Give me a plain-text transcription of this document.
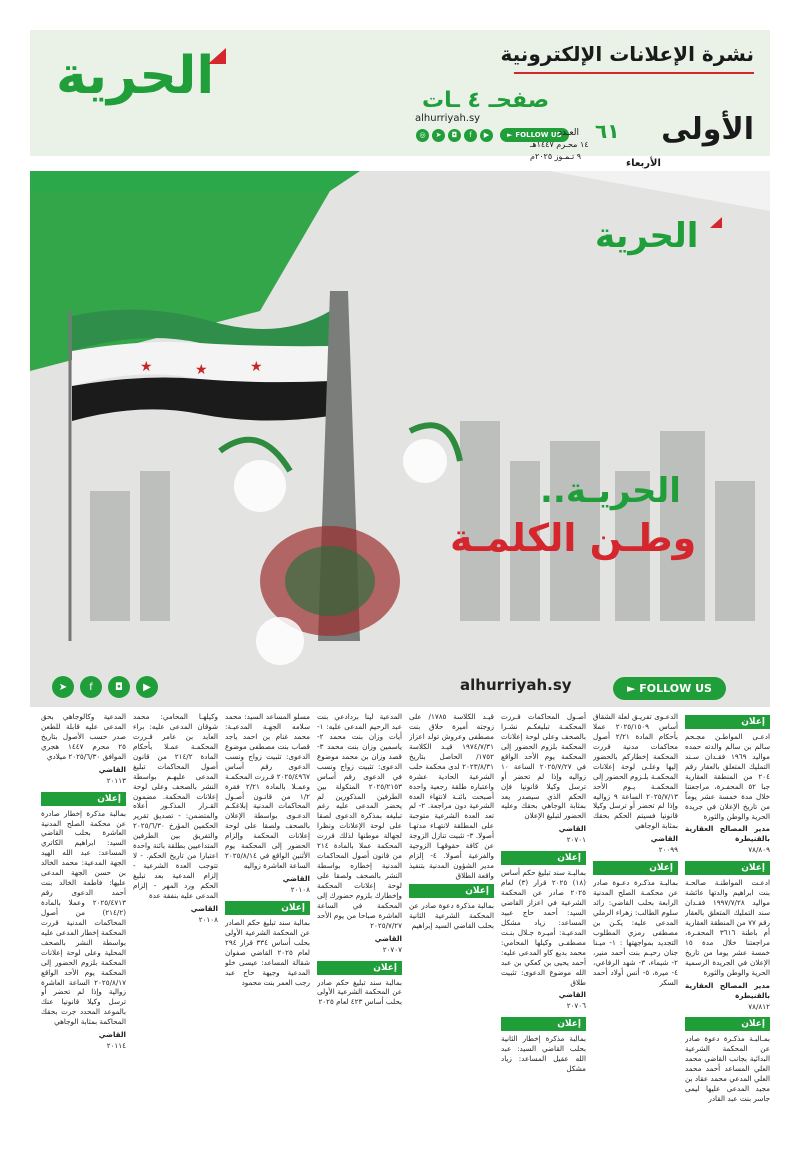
الحرية	صفحـ ٤ ـات
alhurriyah.sy
◎	➤	◘	f	▶	► FOLLOW US
نشرة الإعلانات الإلكترونية
العـدد ٦١
١٤ محـرم ١٤٤٧هـ
٩ تـمـوز ٢٠٢٥م
الأربعاء
الأولى
★	★	★
الحرية
الحريـة..
وطـن الكلمـة
➤	f	◘	▶	alhurriyah.sy	► FOLLOW US
إعلان
ادعـى المواطـن مجـحم سالم بن سالم والدته حمده مواليد ١٩٦٩ فقـدان سـند التمليك المتعلق بالعقار رقم ٢٠٤ من المنطقة العقارية جبا ٥٢ المحفـرة، مراجعتنا خلال مدة خمسة عشر يوماً من تاريخ الإعلان في جريدة الحرية والوطن والثورة
مدير المصالح العقارية بالقنيطرة
٧٨/٨٠٩
إعلان
ادعـت المواطنـة صالحـة بنت ابراهيم والدتها عائشة مواليد ١٩٩٧/٧/٢٨ فقـدان سند التمليك المتعلق بالعقار رقم ٧٧ من المنطقة العقارية أم باطنة ٣٦١٦ المحفـرة، مراجعتنا خلال مدة ١٥ خمسة عشر يوما من تاريخ الإعلان في الجريدة الرسمية الحرية والوطن والثورة
مدير المصالح العقارية بالقنيطرة
٧٨/٨١٢
إعلان
بمـالبـة مذكـرة دعوة صادر عن المحكمة الشرعية البدائية بجانب القاضي محمد العلي المساعد أحمد محمد العلي المدعي محمد عقاد بن مجيد المدعى عليها ليمى جاسر بنت عبد القادر
الدعـوى تفريـق لعلة الشقاق أساس ٢٠٢٥/١٥٠٩ عملا بأحكام المادة ٢/٢١ أصول محاكمات مدنية قررت المحكمة إخطاركم بالحضور إليها وعلـى لوحة إعلانات المحكمـة بلـزوم الحضور إلى المحكمـة يـوم الأحد ٢٠٢٥/٧/١٣ الساعة ٩ زواليه وإذا لم تحضر أو ترسل وكيلا قانونيا فسيتم الحكم بحقك بمثابة الوجاهي
القاضي
٢٠٠٩٩
إعلان
بمالبـة مذكـرة دعـوة صادر عن محكمـة الصلح المدنية الرابعة بحلب القاضي: رائد سلوم الطالب: زهراء الرملي المدعى عليه: يكـن بن مصطفى رمزي المطلوب التجديد بمواجهتها : ١- ميـنا جنان رحيـم بنت أحمد منير، ٢- شيماء، ٣- شهد الرفاعي، ٤- ميرة، ٥- أنس أولاد أحمد السكر
أصـول المحاكمات قـررت المحكمـة تبليغكـم نشـرا بالصحف وعلى لوحة إعلانات المحكمة بلزوم الحضور إلى المحكمة يوم الأحد الواقع في ٢٠٢٥/٧/٢٧ الساعة ١٠ زواليه وإذا لم تحضر أو ترسل وكيلا قانونيا فإن الحكم الذي سيصدر يعد بمثابة الوجاهي بحقك وعليه الحضور لتبليغ الإعلان
القاضي
٢٠٧٠١
إعلان
بمالبـة سند تبليغ حكم أساس (١٨) ٢٠٢٥ قرار (٣) لعام ٢٠٢٥ صادر عن المحكمة الشرعية في اعزاز القاضي السيد: أحمد حاج عبيد المساعد: زياد مشكل المدعيـة: أميـرة جـلال بنـت مصطفـى وكيلها المحامي: محمد بديع كاو المدعى عليه: أحمد يحيى بن كعكي بن عبد الله موضوع الدعوى: تثبيت طلاق
القاضي
٢٠٧٠٦
إعلان
بمالبة مذكرة إخطار الثانية بحلب القاضي السيد: عبد الله عقيل المساعد: زياد مشكل
قيـد الكلاسة ١٧٨٥/ على زوجته أميرة حلاق بنت مصطفى وعروش تولد اعزاز ١٩٧٤/٧/٣١ قيـد الكلاسة ١٧٥٢/ الحاصل بتاريخ ٢٠٢٣/٨/٣١ لدى محكمة حلب الشرعية الحادية عشرة واعتباره طلقة رجعية واحدة أصبحت بائنـة لانتهاء العدة الشرعية دون مراجعة. ٢- لم تعد العدة الشرعية متوجبة على المطلقة لانتهـاء مدتهـا أصولا. ٣- تثبيت تنازل الزوجة عن كافة حقوقهـا الزوجية والفرعية أصولا. ٤- إلزام مدير الشؤون المدنية بتنفيذ واقعة الطلاق
إعلان
بمالبة مذكرة دعوة صادر عن المحكمة الشرعية الثانية بحلب القاضي السيد إبراهيم
المدعية لينا بردادعي بنت عبد الرحيم المدعى عليه: ١- أيات وزان بنت محمد ٢- ياسمين وزان بنت محمد ٣- قصد وزان بن محمد موضوع الدعوى: تثبيت زواج ونسب في الدعوى رقم أساس ٢٠٢٥/٢١٥٣ المتكولة بين الطرفين المذكورين لم يحضر المدعى عليه رغم تبليغه بمذكرة الدعوى لصقا على لوحة الإعلانات ونظرا لجهالة موطنها لذلك قررت المحكمة عملا بالمادة ٢١٤ من قانون أصول المحاكمات المدنية إخطاره بواسطة النشر بالصحف ولصقا على لوحة إعلانات المحكمة وإخطارك بلزوم حضورك إلى المحكمة في الساعة العاشرة صباحا من يوم الأحد ٢٠٢٥/٧/٢٧
القاضي
٢٠٧٠٧
إعلان
بمالبة سند تبليغ حكم صادر عن المحكمة الشرعية الأولى بحلب أساس ٤٢٣ لعام ٢٠٢٥
مسلو المساعد السيد: محمد سلامه الجهـة المدعيـة: محمد غنام بن احمد ياجد قصاب بنت مصطفى موضوع الدعوى: تثبيت زواج ونسب الدعوى رقم أساس ٢٠٢٥/٤٩٦٧ قـررت المحكمـة وعمـلا بالمادة ٢/٢١ فقرة ١/٢ من قانـون أصـول المحاكمات المدنية إبلاغكـم الدعـوى بواسطة الإعلان بالصحف ولصقا على لوحة إعلانات المحكمة وإلزام الحضور إلى المحكمة يوم الأثنين الواقع في ٢٠٢٥/٨/١٤ الساعة العاشرة زواليه
القاضي
٢٠١٠٨
إعلان
بمالبة سند تبليغ حكم الصادر عن المحكمة الشرعية الأولى بحلب أساس ٣٣٤ قرار ٢٩٤ لعام ٢٠٢٥ القاضي صفوان شقالة المساعد: عيسى خلو المدعية وجيهة حاج عبد رجب العمر بنت محمود
وكيلهـا المحامي: محمد شوقان المدعى عليه: براء العابد بن عامر قـررت المحكمـة عمـلا بأحكام المادة ٢١٤/٢ من قانون أصول المحاكمات تبليغ المدعى عليهـم بواسطة النشر بالصحف وعلى لوحة إعلانات المحكمة. مضمون القـرار المذكـور أعلاه والمتضمن: - تصديق تقرير الحكمين المؤرخ ٢٠٢٥/٦/٣٠ والتفريق بين الطرفين المتداعيين بطلقة بائنة واحدة اعتبارا من تاريخ الحكم. - لا تتوجب العدة الشرعية - إلزام المدعية بعد تبليغ الحكم ورد المهر - إلزام المدعى عليه بنفقة عدة
القاضي
٢٠١٠٨
المدعية وكالوجاهي بحق المدعى عليه قابلة للطعن صدر حسب الأصول بتاريخ ٢٥ محرم ١٤٤٧ هجري الموافق ٢٠٢٥/٦/٣٠ ميلادي
القاضي
٢٠١١٣
إعلان
بمالبة مذكرة إخطار صادرة عن محكمة الصلح المدنية العاشرة بحلب القاضي السيد: ابراهيم الكاتري المساعد: عبد الله الهيد الجهة المدعية: محمد الخالد بن حسن الجهة المدعى عليها: فاطمة الخالد بنت أحمد الدعوى رقم ٢٠٢٥/٤٧١٣ وعملا بالمادة (٢١٤/٢) من أصول المحاكمات المدنية قررت المحكمة إخطار المدعى عليه بواسطة النشر بالصحف المحلية وعلى لوحة إعلانات المحكمة بلزوم الحضور إلى المحكمة يوم الأحد الواقع ٢٠٢٥/٨/١٧ الساعة العاشرة زوالية وإذا لم تحضر أو ترسل وكيلا قانونيا عنك بالموعد المحدد جرت بحقك المحاكمة بمثابة الوجاهي
القاضي
٢٠١١٤
